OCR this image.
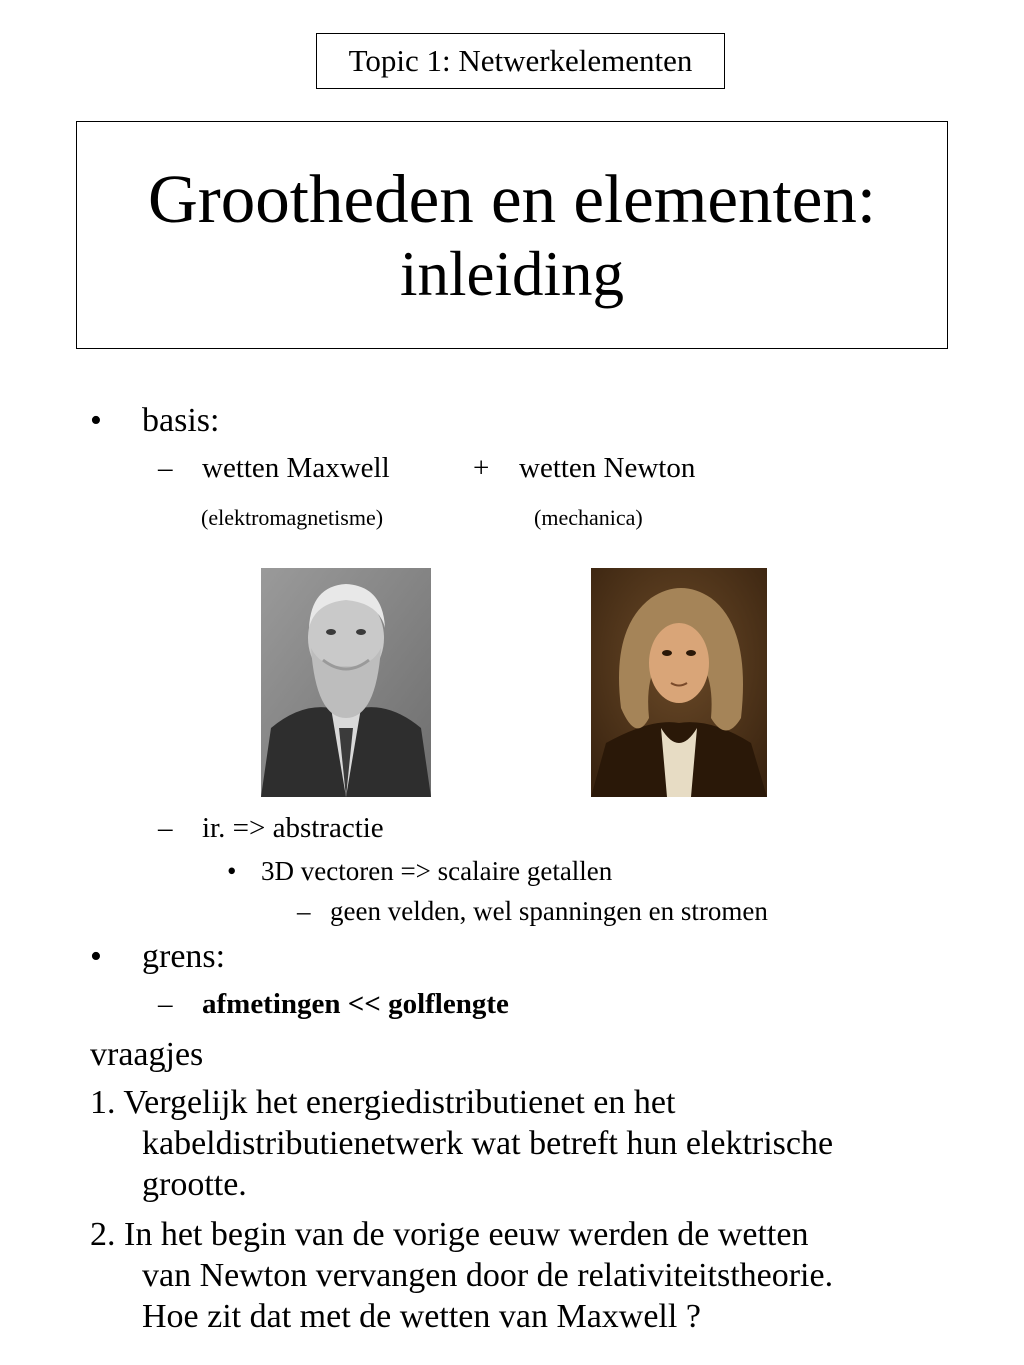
Topic 1: Netwerkelementen
Grootheden en elementen:
inleiding
• basis:
– wetten Maxwell	+ wetten Newton
(elektromagnetisme)	(mechanica)
– ir. => abstractie
• 3D vectoren => scalaire getallen
– geen velden, wel spanningen en stromen
• grens:
– afmetingen << golflengte
vraagjes
1. Vergelijk het energiedistributienet en het
kabeldistributienetwerk wat betreft hun elektrische
grootte.
2. In het begin van de vorige eeuw werden de wetten
van Newton vervangen door de relativiteitstheorie.
Hoe zit dat met de wetten van Maxwell ?
